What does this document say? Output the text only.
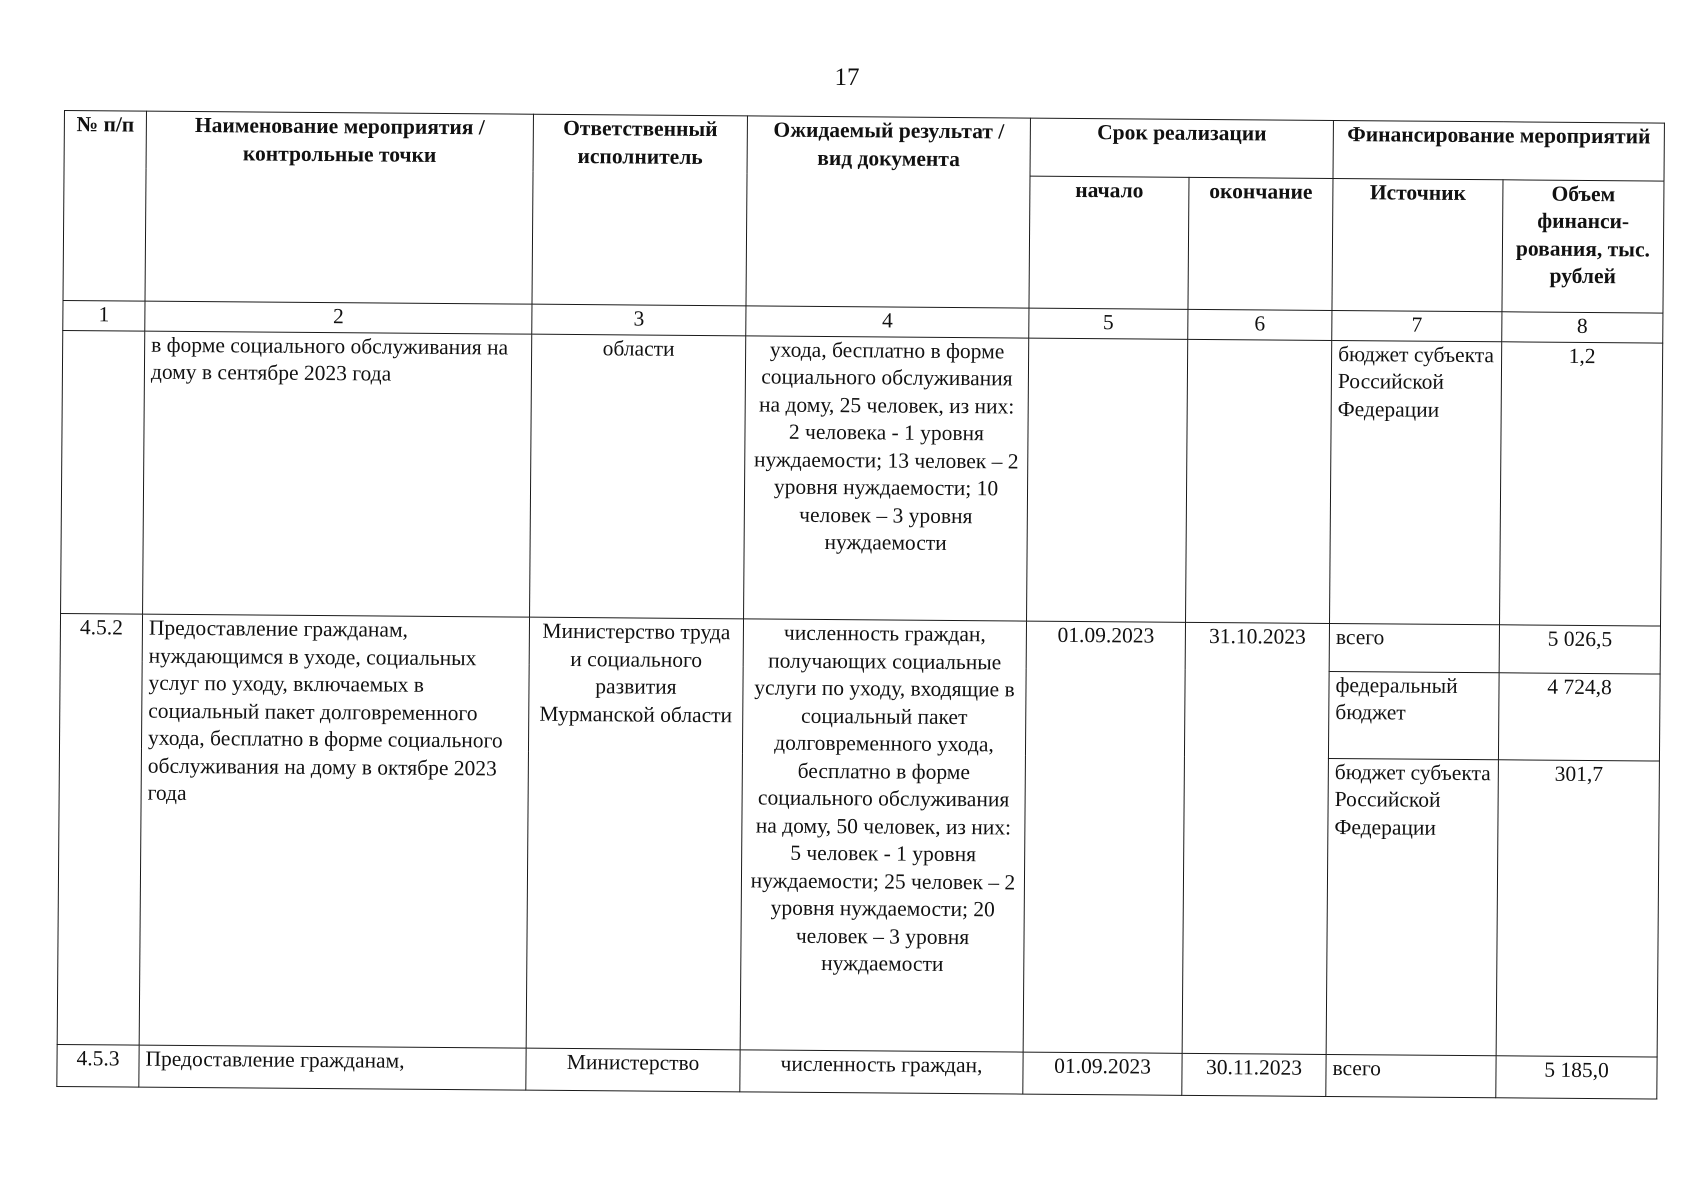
17
№ п/п	Наименование мероприятия / контрольные точки	Ответственный исполнитель	Ожидаемый результат / вид документа	Срок реализации		Финансирование мероприятий	
				начало	окончание	Источник	Объем финанси-рования, тыс. рублей
1	2	3	4	5	6	7	8
	в форме социального обслуживания на дому в сентябре 2023 года	области	ухода, бесплатно в форме социального обслуживания на дому, 25 человек, из них: 2 человека - 1 уровня нуждаемости; 13 человек – 2 уровня нуждаемости; 10 человек – 3 уровня нуждаемости			бюджет субъекта Российской Федерации	1,2
4.5.2	Предоставление гражданам, нуждающимся в уходе, социальных услуг по уходу, включаемых в социальный пакет долговременного ухода, бесплатно в форме социального обслуживания на дому в октябре 2023 года	Министерство труда и социального развития Мурманской области	численность граждан, получающих социальные услуги по уходу, входящие в социальный пакет долговременного ухода, бесплатно в форме социального обслуживания на дому, 50 человек, из них: 5 человек - 1 уровня нуждаемости; 25 человек – 2 уровня нуждаемости; 20 человек – 3 уровня нуждаемости	01.09.2023	31.10.2023	всего	5 026,5
						федеральный бюджет	4 724,8
						бюджет субъекта Российской Федерации	301,7
4.5.3	Предоставление гражданам,	Министерство	численность граждан,	01.09.2023	30.11.2023	всего	5 185,0
